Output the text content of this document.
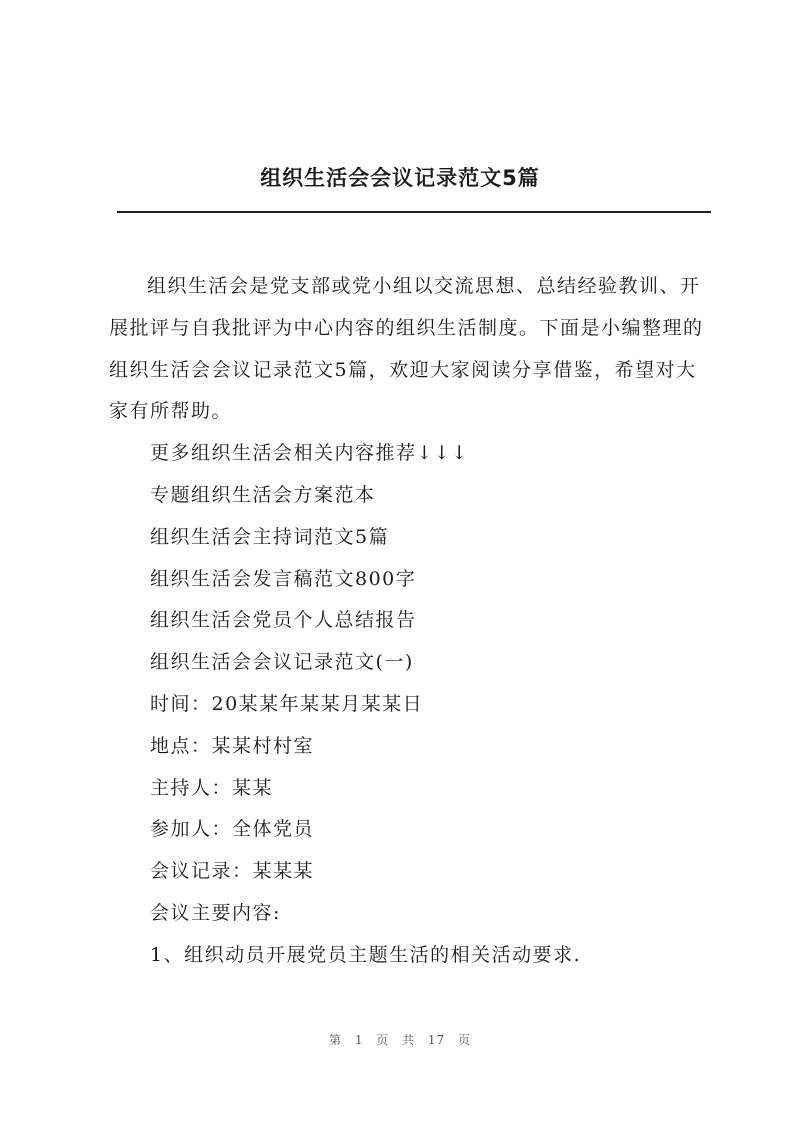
组织生活会会议记录范文5篇

组织生活会是党支部或党小组以交流思想、总结经验教训、开展批评与自我批评为中心内容的组织生活制度。下面是小编整理的组织生活会会议记录范文5篇，欢迎大家阅读分享借鉴，希望对大家有所帮助。

更多组织生活会相关内容推荐↓↓↓

专题组织生活会方案范本

组织生活会主持词范文5篇

组织生活会发言稿范文800字

组织生活会党员个人总结报告

组织生活会会议记录范文(一)

时间：20某某年某某月某某日

地点：某某村村室

主持人：某某

参加人：全体党员

会议记录：某某某

会议主要内容:

1、组织动员开展党员主题生活的相关活动要求.

第 1 页 共 17 页
